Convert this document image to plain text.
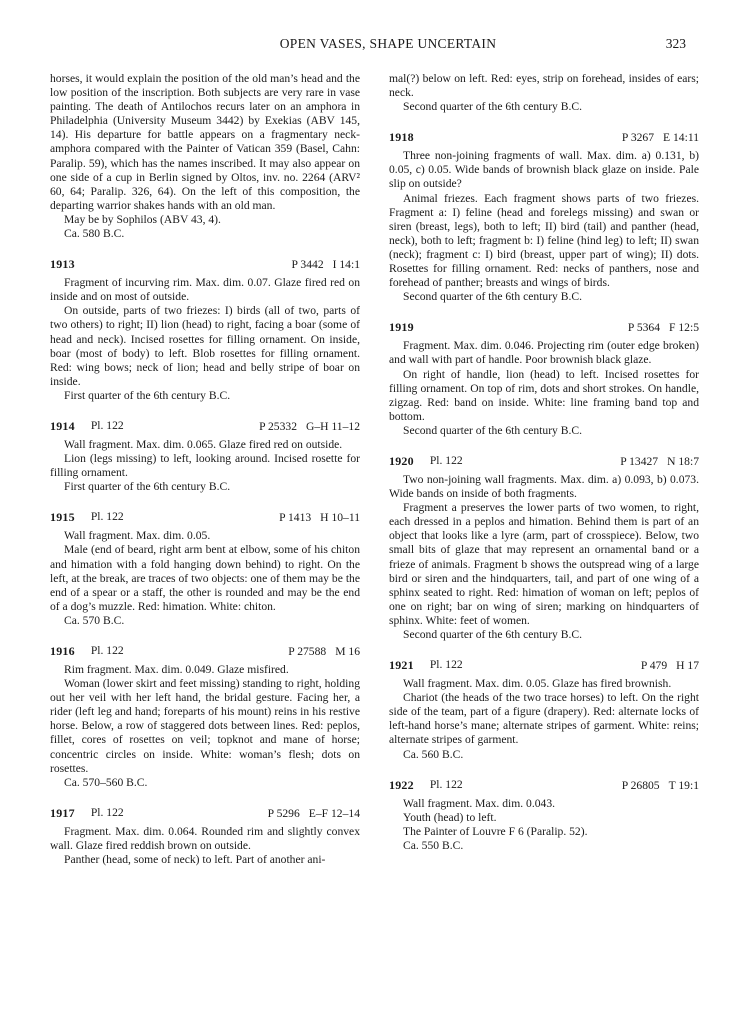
OPEN VASES, SHAPE UNCERTAIN	323

horses, it would explain the position of the old man’s head and the low position of the inscription. Both subjects are very rare in vase painting. The death of Antilochos recurs later on an amphora in Philadelphia (University Museum 3442) by Exekias (ABV 145, 14). His departure for battle appears on a fragmentary neck-amphora compared with the Painter of Vatican 359 (Basel, Cahn: Paralip. 59), which has the names inscribed. It may also appear on one side of a cup in Berlin signed by Oltos, inv. no. 2264 (ARV² 60, 64; Paralip. 326, 64). On the left of this composition, the departing warrior shakes hands with an old man.

May be by Sophilos (ABV 43, 4).

Ca. 580 B.C.

1913	P 3442 I 14:1

Fragment of incurving rim. Max. dim. 0.07. Glaze fired red on inside and on most of outside.

On outside, parts of two friezes: I) birds (all of two, parts of two others) to right; II) lion (head) to right, facing a boar (some of head and neck). Incised rosettes for filling ornament. On inside, boar (most of body) to left. Blob rosettes for filling ornament. Red: wing bows; neck of lion; head and belly stripe of boar on inside.

First quarter of the 6th century B.C.

1914 Pl. 122	P 25332 G–H 11–12

Wall fragment. Max. dim. 0.065. Glaze fired red on outside.

Lion (legs missing) to left, looking around. Incised rosette for filling ornament.

First quarter of the 6th century B.C.

1915 Pl. 122	P 1413 H 10–11

Wall fragment. Max. dim. 0.05.

Male (end of beard, right arm bent at elbow, some of his chiton and himation with a fold hanging down behind) to right. On the left, at the break, are traces of two objects: one of them may be the end of a spear or a staff, the other is rounded and may be the end of a dog’s muzzle. Red: himation. White: chiton.

Ca. 570 B.C.

1916 Pl. 122	P 27588 M 16

Rim fragment. Max. dim. 0.049. Glaze misfired.

Woman (lower skirt and feet missing) standing to right, holding out her veil with her left hand, the bridal gesture. Facing her, a rider (left leg and hand; foreparts of his mount) reins in his restive horse. Below, a row of staggered dots between lines. Red: peplos, fillet, cores of rosettes on veil; topknot and mane of horse; concentric circles on inside. White: woman’s flesh; dots on rosettes.

Ca. 570–560 B.C.

1917 Pl. 122	P 5296 E–F 12–14

Fragment. Max. dim. 0.064. Rounded rim and slightly convex wall. Glaze fired reddish brown on outside.

Panther (head, some of neck) to left. Part of another ani-

mal(?) below on left. Red: eyes, strip on forehead, insides of ears; neck.

Second quarter of the 6th century B.C.

1918	P 3267 E 14:11

Three non-joining fragments of wall. Max. dim. a) 0.131, b) 0.05, c) 0.05. Wide bands of brownish black glaze on inside. Pale slip on outside?

Animal friezes. Each fragment shows parts of two friezes. Fragment a: I) feline (head and forelegs missing) and swan or siren (breast, legs), both to left; II) bird (tail) and panther (head, neck), both to left; fragment b: I) feline (hind leg) to left; II) swan (neck); fragment c: I) bird (breast, upper part of wing); II) dots. Rosettes for filling ornament. Red: necks of panthers, nose and forehead of panther; breasts and wings of birds.

Second quarter of the 6th century B.C.

1919	P 5364 F 12:5

Fragment. Max. dim. 0.046. Projecting rim (outer edge broken) and wall with part of handle. Poor brownish black glaze.

On right of handle, lion (head) to left. Incised rosettes for filling ornament. On top of rim, dots and short strokes. On handle, zigzag. Red: band on inside. White: line framing band top and bottom.

Second quarter of the 6th century B.C.

1920 Pl. 122	P 13427 N 18:7

Two non-joining wall fragments. Max. dim. a) 0.093, b) 0.073. Wide bands on inside of both fragments.

Fragment a preserves the lower parts of two women, to right, each dressed in a peplos and himation. Behind them is part of an object that looks like a lyre (arm, part of crosspiece). Below, two small bits of glaze that may represent an ornamental band or a frieze of animals. Fragment b shows the outspread wing of a large bird or siren and the hindquarters, tail, and part of one wing of a sphinx seated to right. Red: himation of woman on left; peplos of one on right; bar on wing of siren; marking on hindquarters of sphinx. White: feet of women.

Second quarter of the 6th century B.C.

1921 Pl. 122	P 479 H 17

Wall fragment. Max. dim. 0.05. Glaze has fired brownish.

Chariot (the heads of the two trace horses) to left. On the right side of the team, part of a figure (drapery). Red: alternate locks of left-hand horse’s mane; alternate stripes of garment. White: reins; alternate stripes of garment.

Ca. 560 B.C.

1922 Pl. 122	P 26805 T 19:1

Wall fragment. Max. dim. 0.043.

Youth (head) to left.

The Painter of Louvre F 6 (Paralip. 52).

Ca. 550 B.C.
